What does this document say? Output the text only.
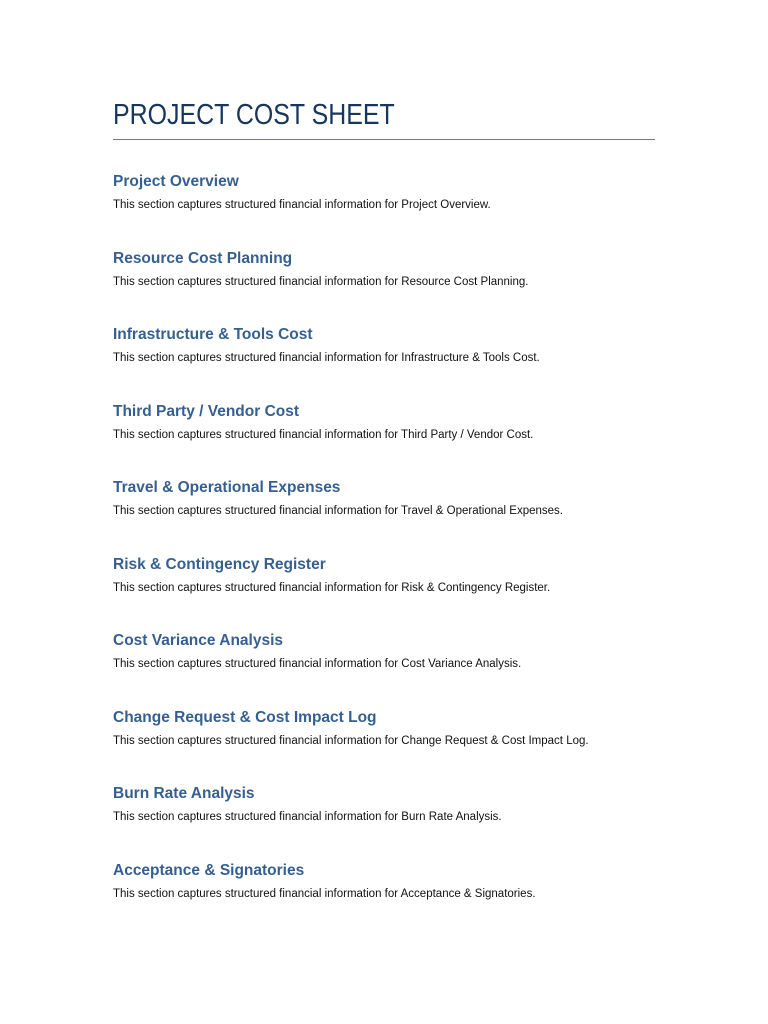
PROJECT COST SHEET
Project Overview

This section captures structured financial information for Project Overview.

Resource Cost Planning

This section captures structured financial information for Resource Cost Planning.

Infrastructure & Tools Cost

This section captures structured financial information for Infrastructure & Tools Cost.

Third Party / Vendor Cost

This section captures structured financial information for Third Party / Vendor Cost.

Travel & Operational Expenses

This section captures structured financial information for Travel & Operational Expenses.

Risk & Contingency Register

This section captures structured financial information for Risk & Contingency Register.

Cost Variance Analysis

This section captures structured financial information for Cost Variance Analysis.

Change Request & Cost Impact Log

This section captures structured financial information for Change Request & Cost Impact Log.

Burn Rate Analysis

This section captures structured financial information for Burn Rate Analysis.

Acceptance & Signatories

This section captures structured financial information for Acceptance & Signatories.
